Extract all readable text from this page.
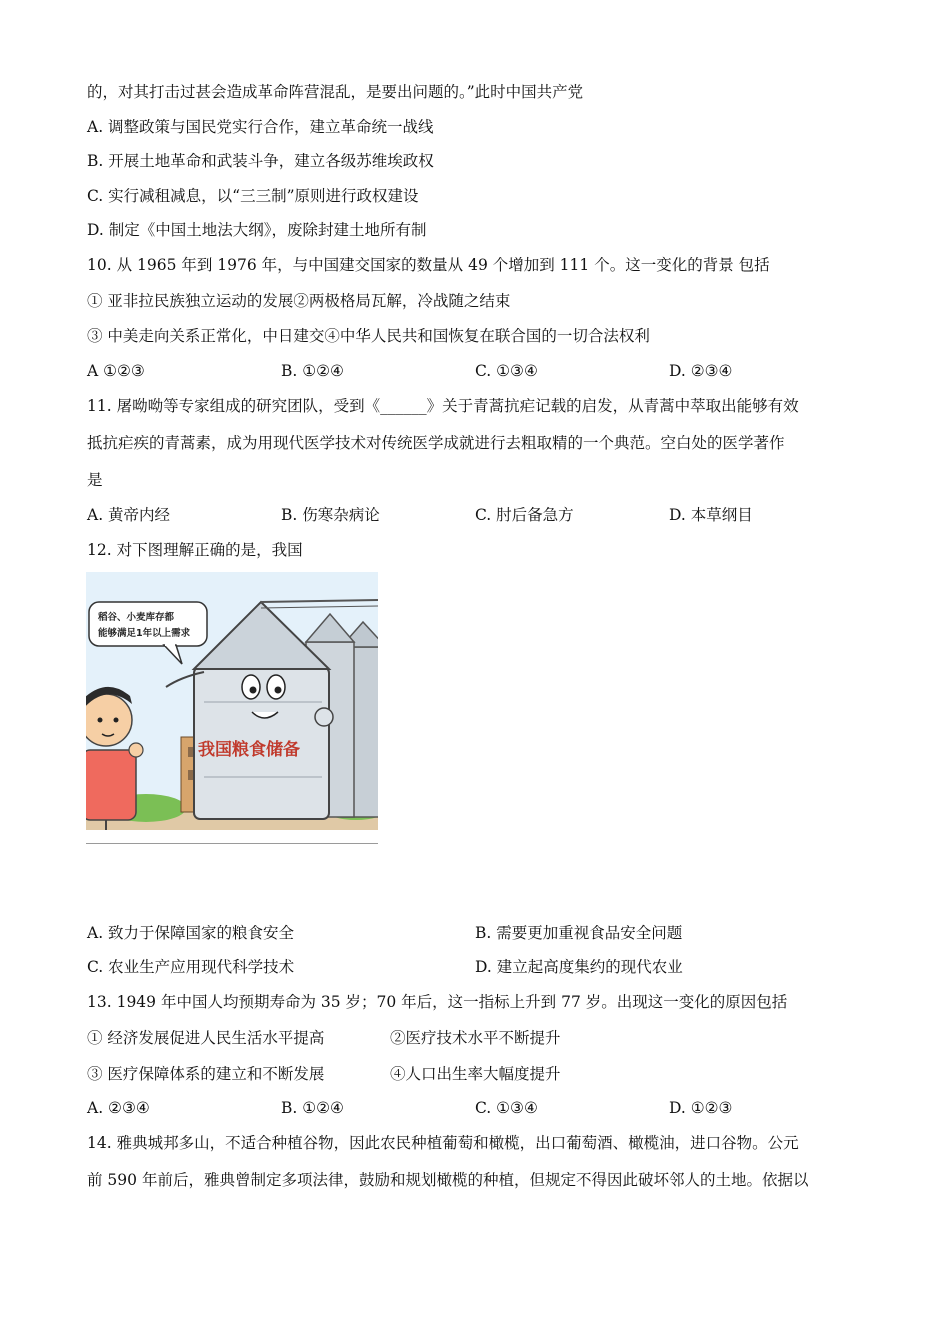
的，对其打击过甚会造成革命阵营混乱，是要出问题的。”此时中国共产党
A. 调整政策与国民党实行合作，建立革命统一战线
B. 开展土地革命和武装斗争，建立各级苏维埃政权
C. 实行减租减息，以“三三制”原则进行政权建设
D. 制定《中国土地法大纲》，废除封建土地所有制
10. 从 1965 年到 1976 年，与中国建交国家的数量从 49 个增加到 111 个。这一变化的背景 包括
① 亚非拉民族独立运动的发展②两极格局瓦解，冷战随之结束
③ 中美走向关系正常化，中日建交④中华人民共和国恢复在联合国的一切合法权利
A ①②③	B. ①②④	C. ①③④	D. ②③④
11. 屠呦呦等专家组成的研究团队，受到《______》关于青蒿抗疟记载的启发，从青蒿中萃取出能够有效
抵抗疟疾的青蒿素，成为用现代医学技术对传统医学成就进行去粗取精的一个典范。空白处的医学著作
是
A. 黄帝内经	B. 伤寒杂病论	C. 肘后备急方	D. 本草纲目
12. 对下图理解正确的是，我国
我国粮食储备
稻谷、小麦库存都
能够满足1年以上需求
A. 致力于保障国家的粮食安全	B. 需要更加重视食品安全问题
C. 农业生产应用现代科学技术	D. 建立起高度集约的现代农业
13. 1949 年中国人均预期寿命为 35 岁；70 年后，这一指标上升到 77 岁。出现这一变化的原因包括
① 经济发展促进人民生活水平提高	②医疗技术水平不断提升
③ 医疗保障体系的建立和不断发展	④人口出生率大幅度提升
A. ②③④	B. ①②④	C. ①③④	D. ①②③
14. 雅典城邦多山，不适合种植谷物，因此农民种植葡萄和橄榄，出口葡萄酒、橄榄油，进口谷物。公元
前 590 年前后，雅典曾制定多项法律，鼓励和规划橄榄的种植，但规定不得因此破坏邻人的土地。依据以
